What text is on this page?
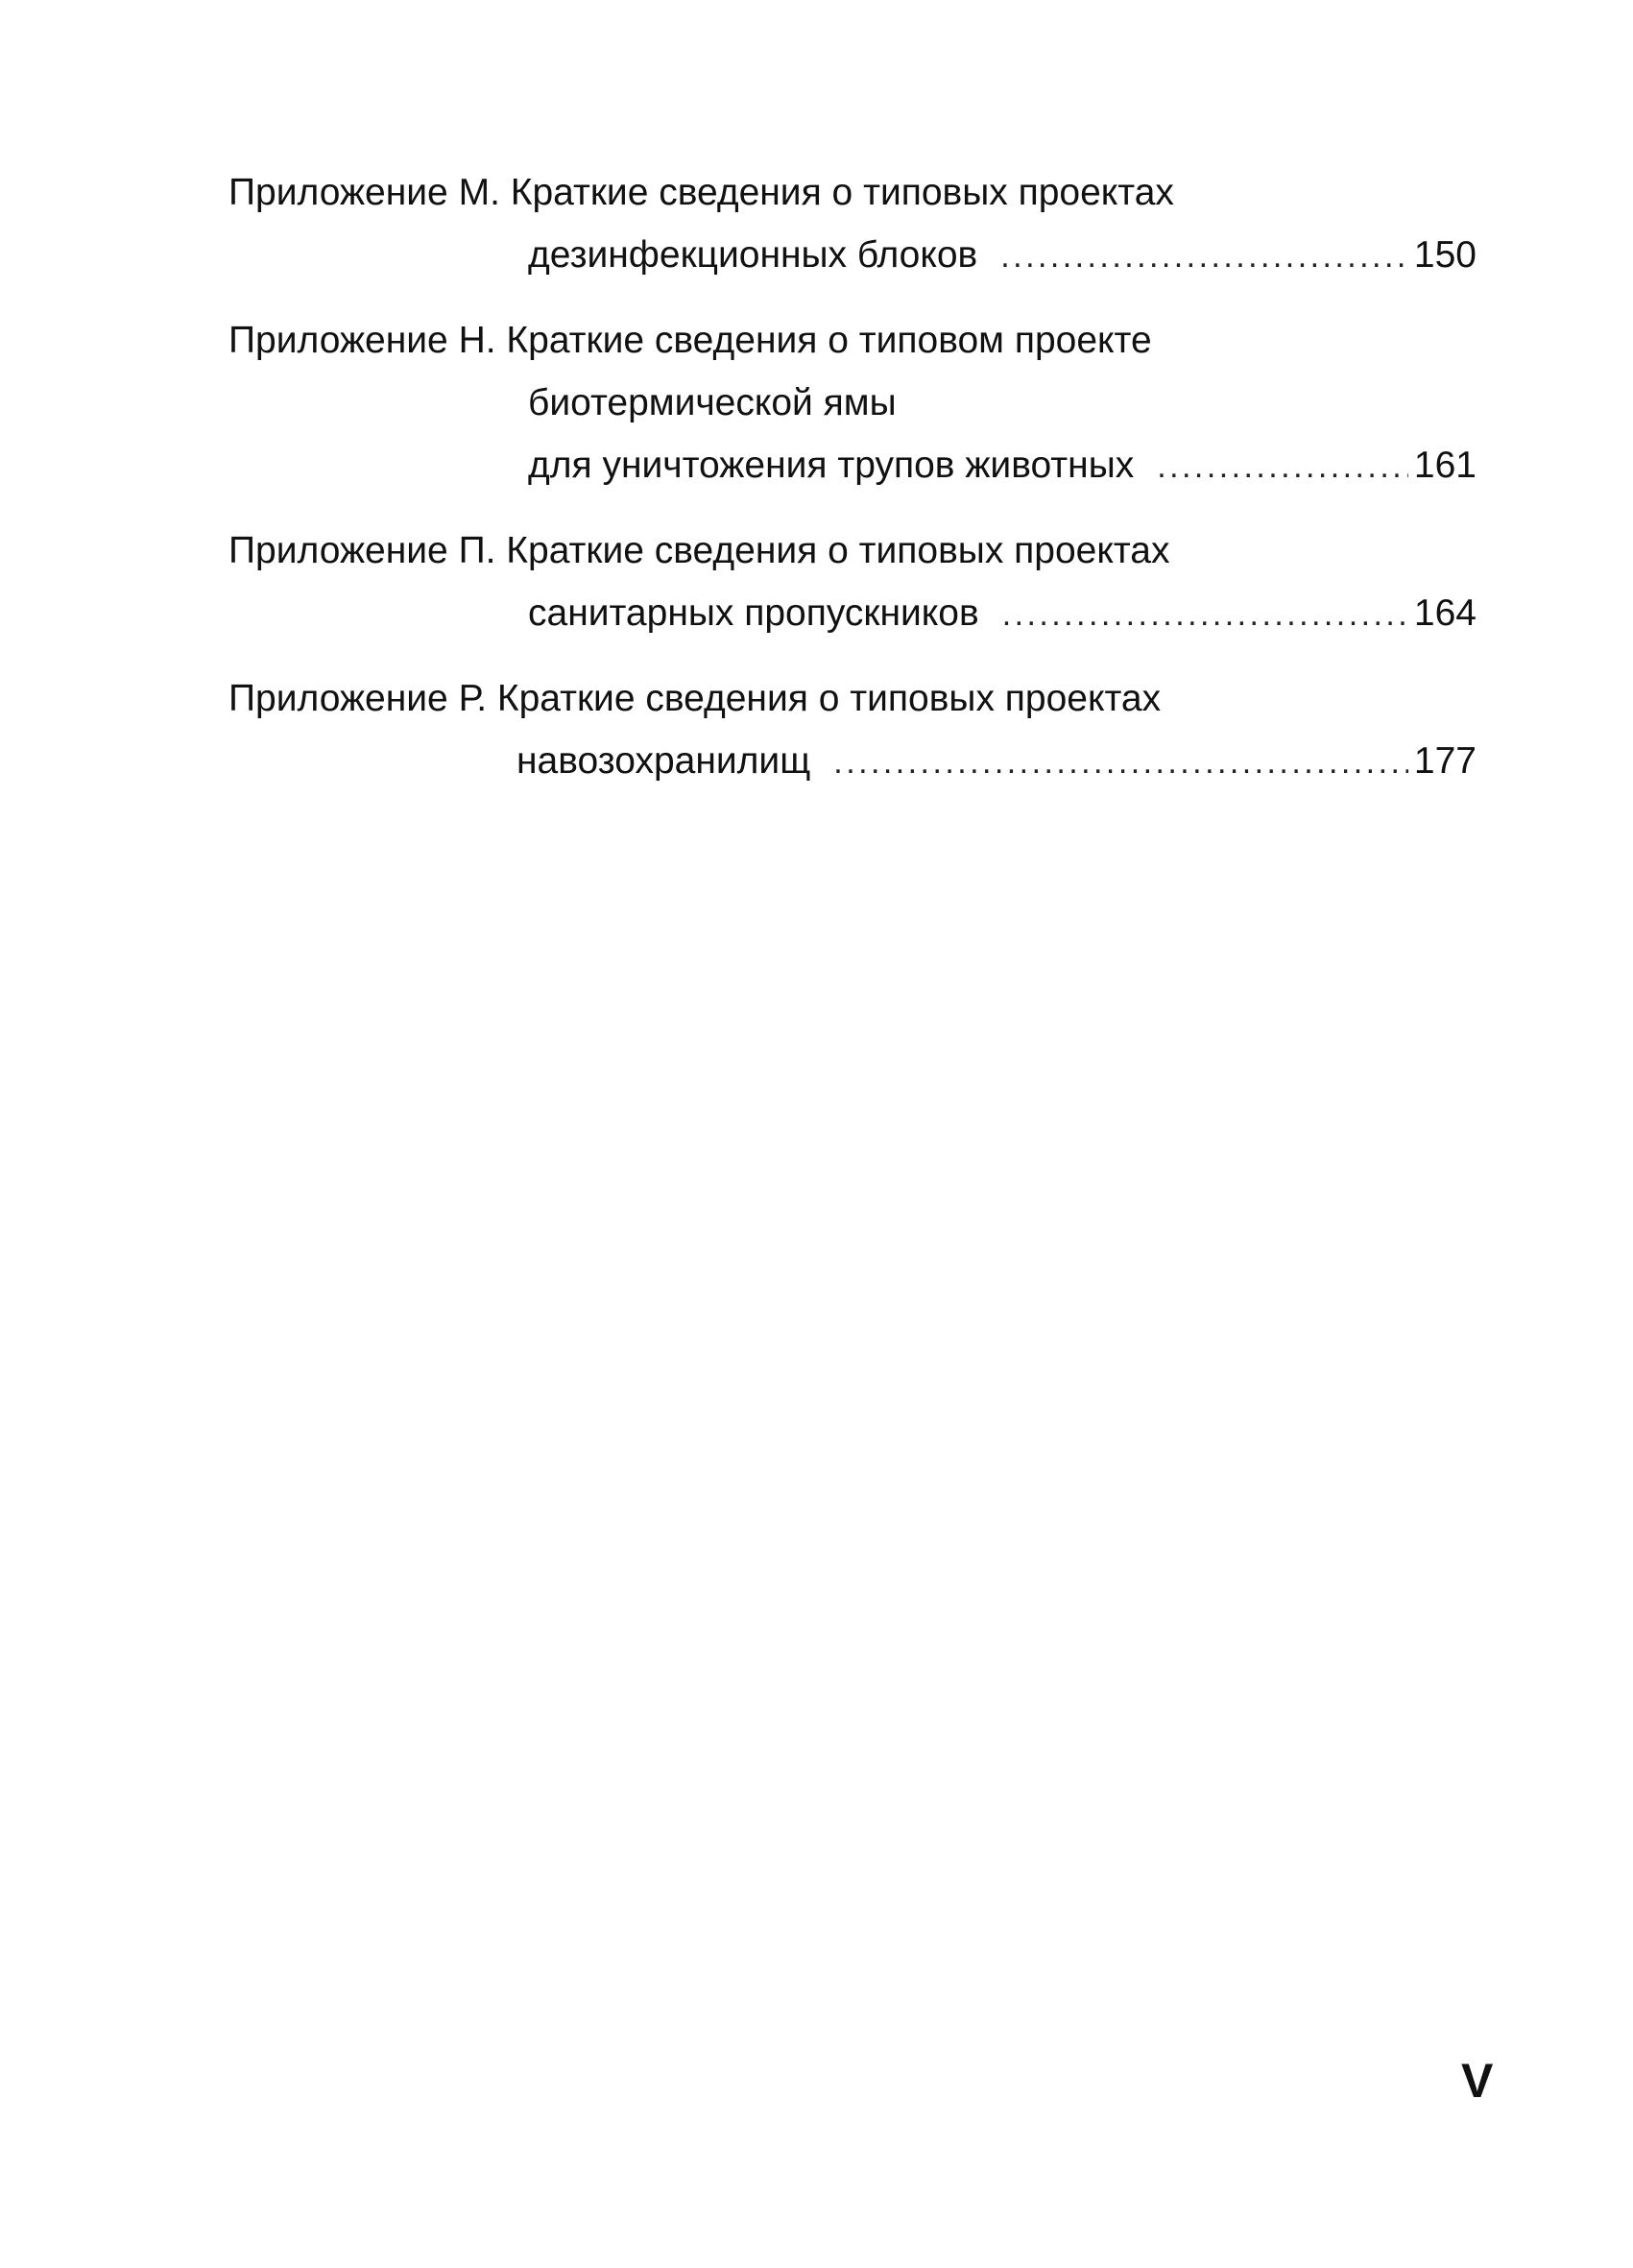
Приложение М. Краткие сведения о типовых проектах
дезинфекционных блоков . . .	150
Приложение Н. Краткие сведения о типовом проекте
биотермической ямы
для уничтожения трупов животных . . .	161
Приложение П. Краткие сведения о типовых проектах
санитарных пропускников . . .	164
Приложение Р. Краткие сведения о типовых проектах
навозохранилищ . . .	177
V
